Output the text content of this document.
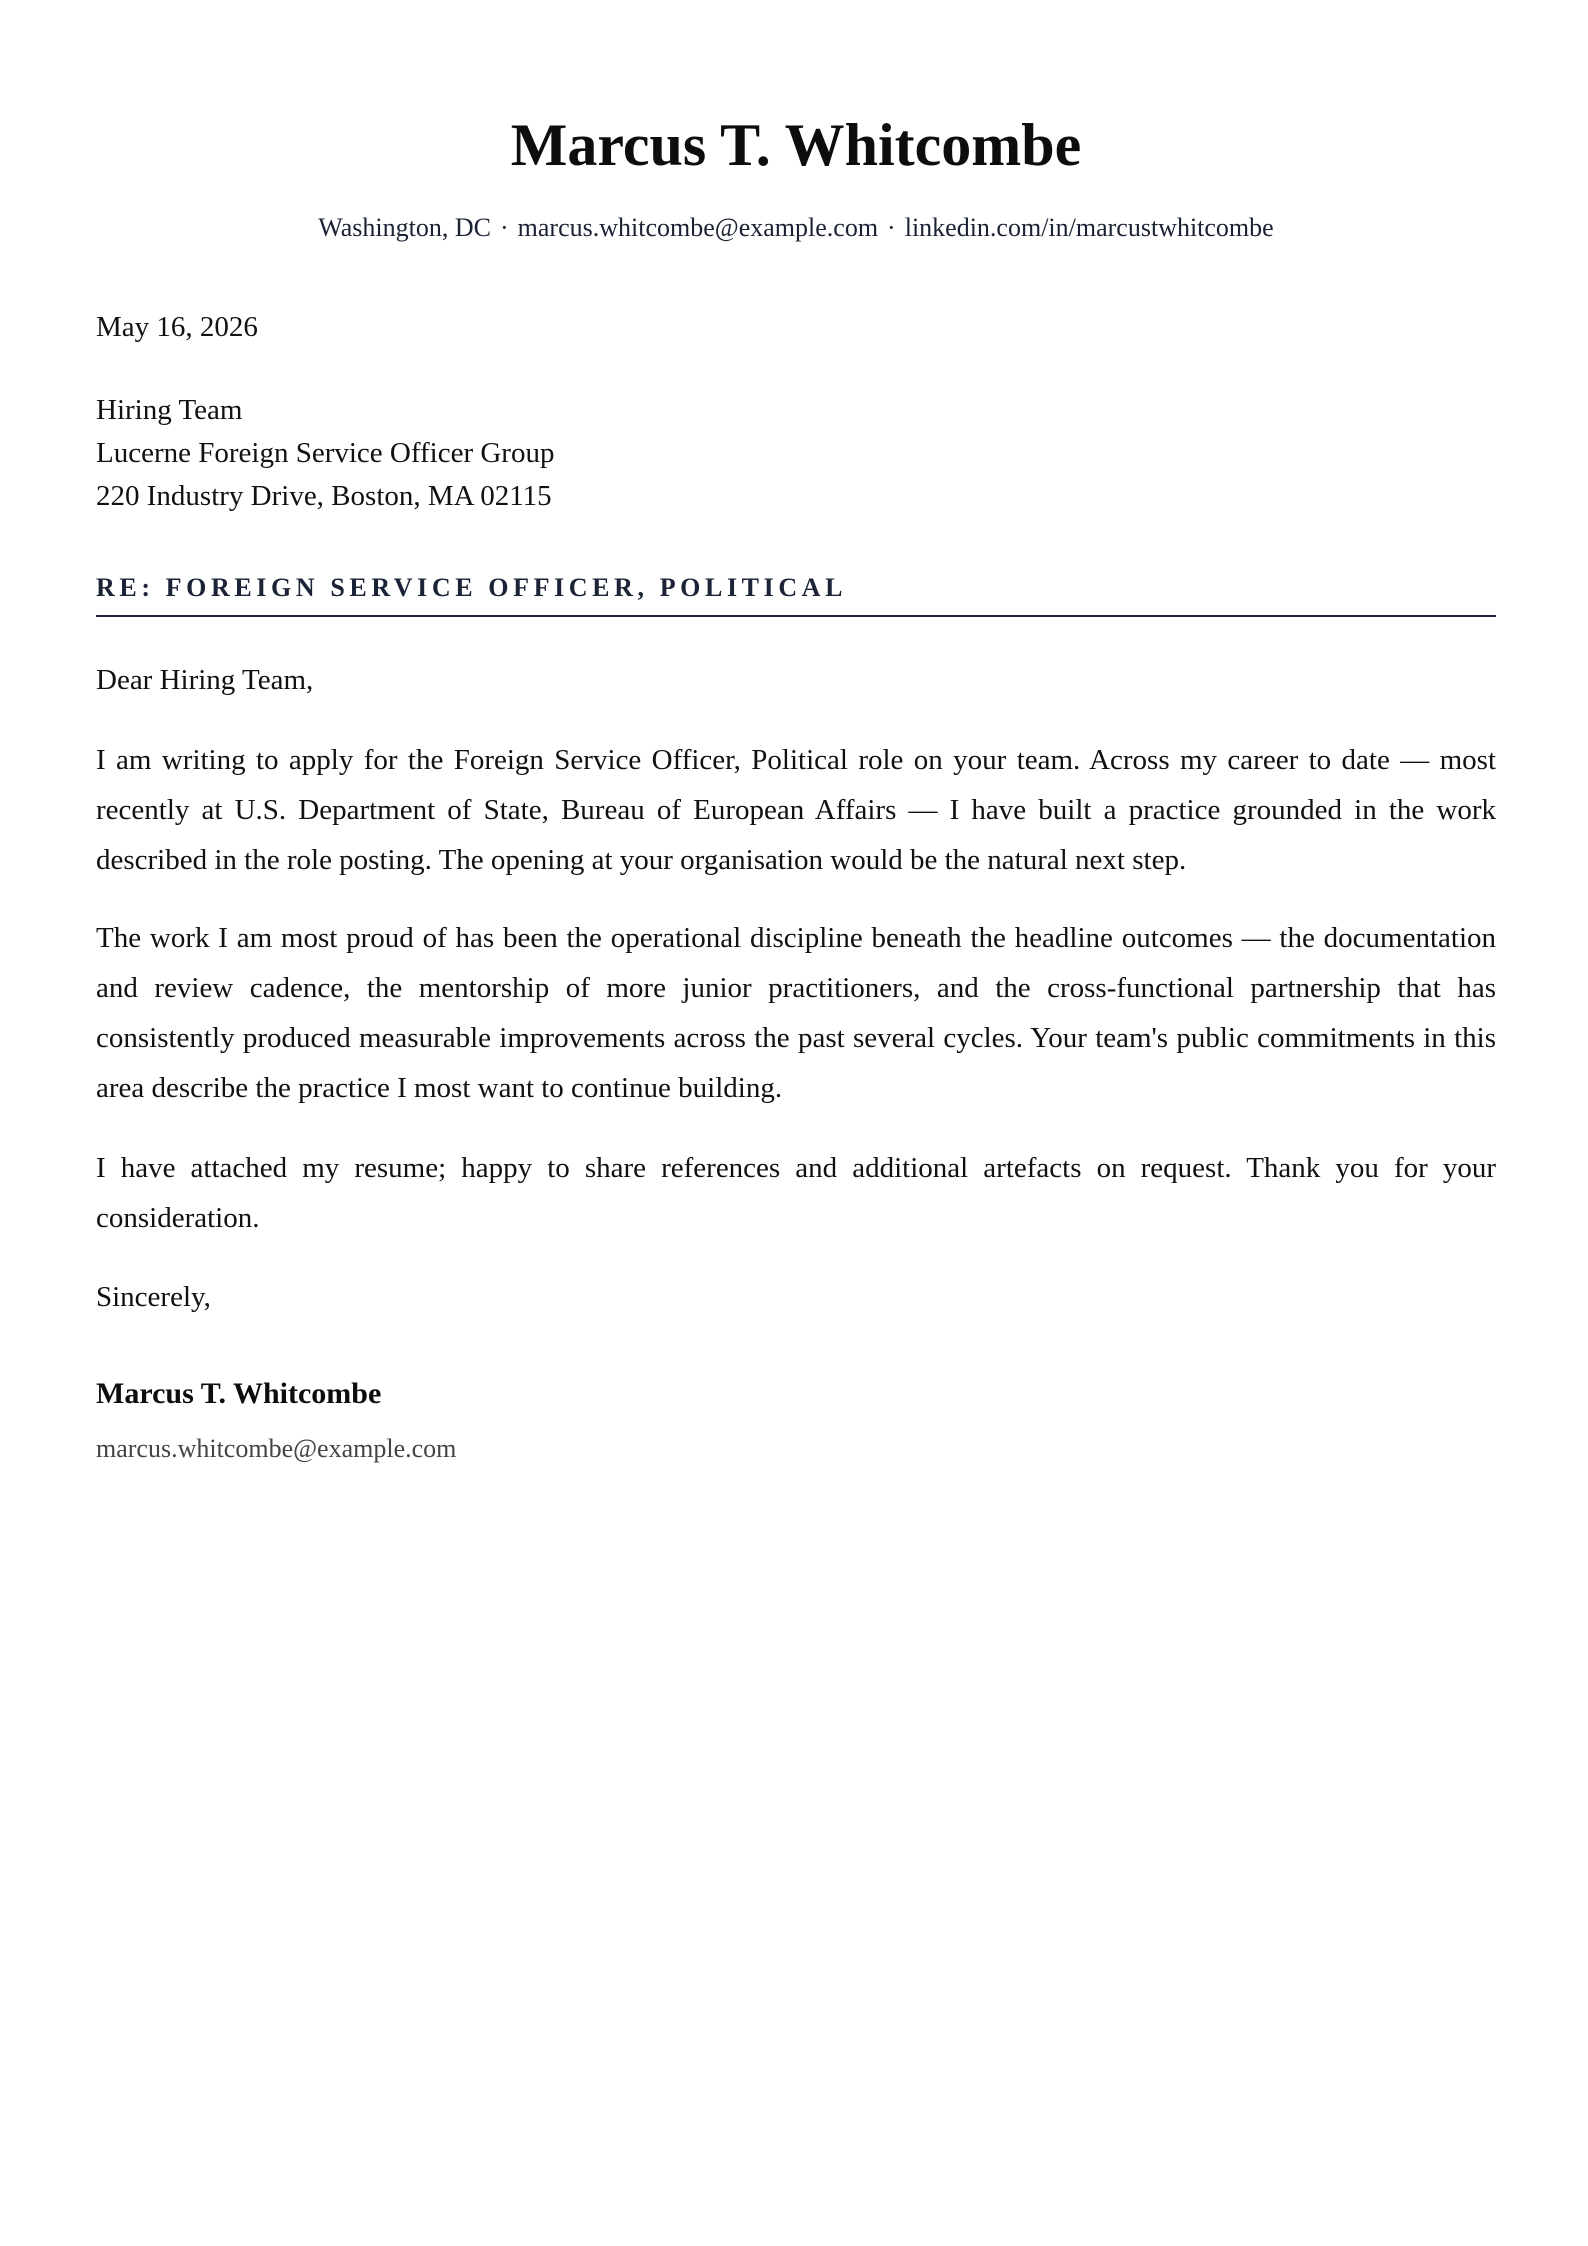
Marcus T. Whitcombe
Washington, DC · marcus.whitcombe@example.com · linkedin.com/in/marcustwhitcombe
May 16, 2026
Hiring Team
Lucerne Foreign Service Officer Group
220 Industry Drive, Boston, MA 02115
RE: FOREIGN SERVICE OFFICER, POLITICAL
Dear Hiring Team,
I am writing to apply for the Foreign Service Officer, Political role on your team. Across my career to date — most recently at U.S. Department of State, Bureau of European Affairs — I have built a practice grounded in the work described in the role posting. The opening at your organisation would be the natural next step.
The work I am most proud of has been the operational discipline beneath the headline outcomes — the documentation and review cadence, the mentorship of more junior practitioners, and the cross-functional partnership that has consistently produced measurable improvements across the past several cycles. Your team's public commitments in this area describe the practice I most want to continue building.
I have attached my resume; happy to share references and additional artefacts on request. Thank you for your consideration.
Sincerely,
Marcus T. Whitcombe
marcus.whitcombe@example.com
